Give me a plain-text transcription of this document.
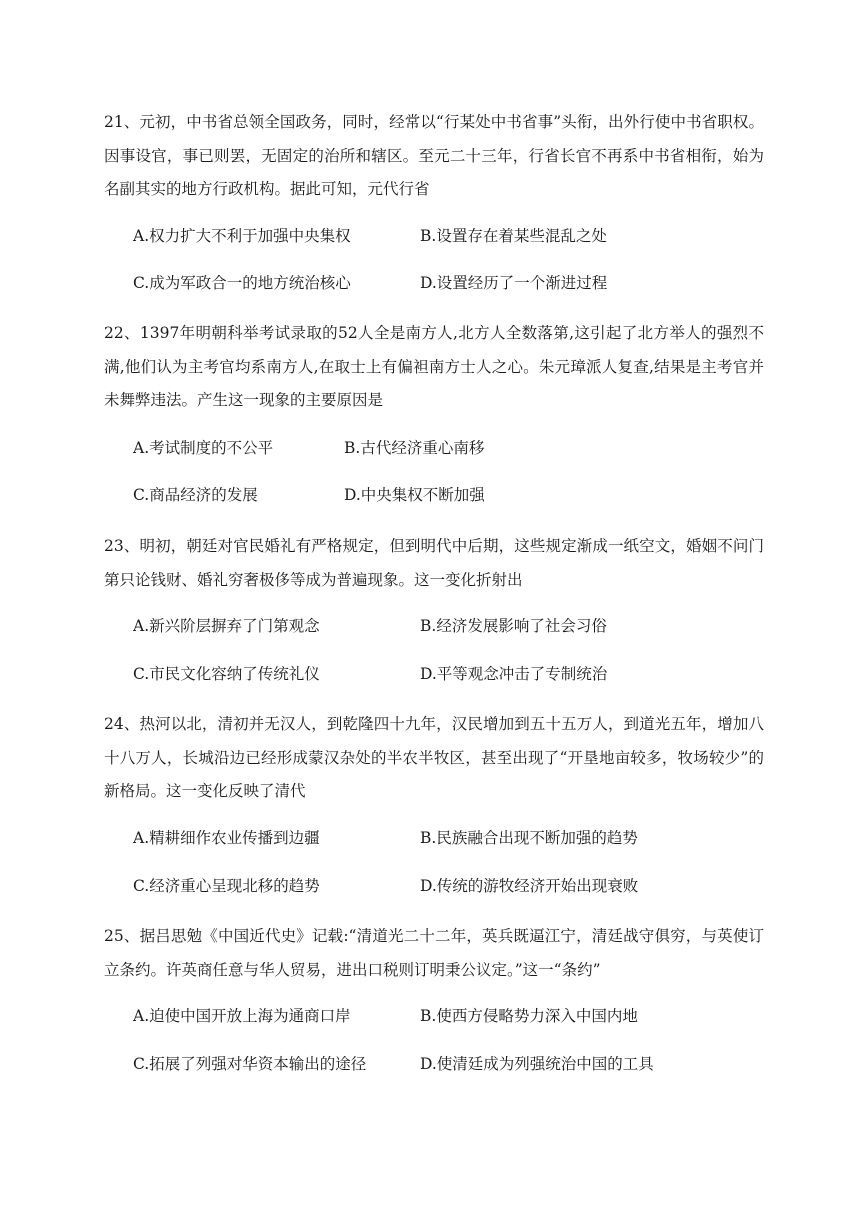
21、元初，中书省总领全国政务，同时，经常以“行某处中书省事”头衔，出外行使中书省职权。因事设官，事已则罢，无固定的治所和辖区。至元二十三年，行省长官不再系中书省相衔，始为名副其实的地方行政机构。据此可知，元代行省
A.权力扩大不利于加强中央集权	B.设置存在着某些混乱之处
C.成为军政合一的地方统治核心	D.设置经历了一个渐进过程
22、1397年明朝科举考试录取的52人全是南方人,北方人全数落第,这引起了北方举人的强烈不满,他们认为主考官均系南方人,在取士上有偏袒南方士人之心。朱元璋派人复查,结果是主考官并未舞弊违法。产生这一现象的主要原因是
A.考试制度的不公平	B.古代经济重心南移
C.商品经济的发展	D.中央集权不断加强
23、明初，朝廷对官民婚礼有严格规定，但到明代中后期，这些规定渐成一纸空文，婚姻不问门第只论钱财、婚礼穷奢极侈等成为普遍现象。这一变化折射出
A.新兴阶层摒弃了门第观念	B.经济发展影响了社会习俗
C.市民文化容纳了传统礼仪	D.平等观念冲击了专制统治
24、热河以北，清初并无汉人，到乾隆四十九年，汉民增加到五十五万人，到道光五年，增加八十八万人，长城沿边已经形成蒙汉杂处的半农半牧区，甚至出现了“开垦地亩较多，牧场较少”的新格局。这一变化反映了清代
A.精耕细作农业传播到边疆	B.民族融合出现不断加强的趋势
C.经济重心呈现北移的趋势	D.传统的游牧经济开始出现衰败
25、据吕思勉《中国近代史》记载:“清道光二十二年，英兵既逼江宁，清廷战守俱穷，与英使订立条约。许英商任意与华人贸易，进出口税则订明秉公议定。”这一“条约”
A.迫使中国开放上海为通商口岸	B.使西方侵略势力深入中国内地
C.拓展了列强对华资本输出的途径	D.使清廷成为列强统治中国的工具
